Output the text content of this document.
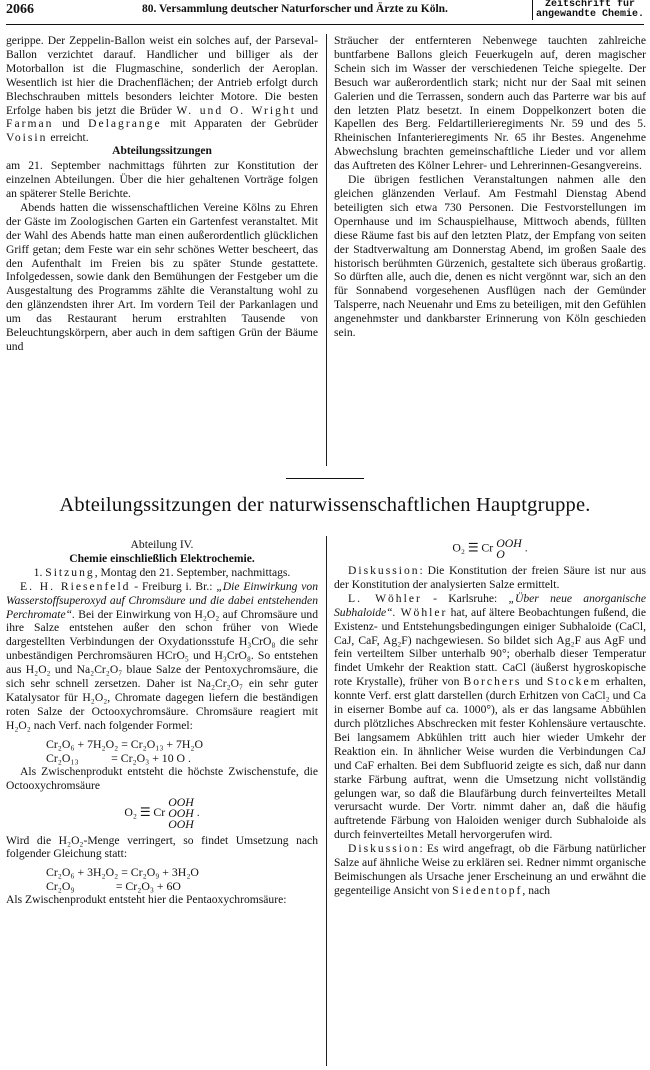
2066	80. Versammlung deutscher Naturforscher und Ärzte zu Köln.	Zeitschrift für
angewandte Chemie.

gerippe. Der Zeppelin-Ballon weist ein solches auf, der Parseval-Ballon verzichtet darauf. Handlicher und billiger als der Motorballon ist die Flugmaschine, sonderlich der Aeroplan. Wesentlich ist hier die Drachenflächen; der Antrieb erfolgt durch Blechschrauben mittels besonders leichter Motore. Die besten Erfolge haben bis jetzt die Brüder W. und O. Wright und Farman und Delagrange mit Apparaten der Gebrüder Voisin erreicht.

Abteilungssitzungen

am 21. September nachmittags führten zur Konstitution der einzelnen Abteilungen. Über die hier gehaltenen Vorträge folgen an späterer Stelle Berichte.

Abends hatten die wissenschaftlichen Vereine Kölns zu Ehren der Gäste im Zoologischen Garten ein Gartenfest veranstaltet. Mit der Wahl des Abends hatte man einen außerordentlich glücklichen Griff getan; dem Feste war ein sehr schönes Wetter bescheert, das den Aufenthalt im Freien bis zu später Stunde gestattete. Infolgedessen, sowie dank den Bemühungen der Festgeber um die Ausgestaltung des Programms zählte die Veranstaltung wohl zu den glänzendsten ihrer Art. Im vordern Teil der Parkanlagen und um das Restaurant herum erstrahlten Tausende von Beleuchtungskörpern, aber auch in dem saftigen Grün der Bäume und

Sträucher der entfernteren Nebenwege tauchten zahlreiche buntfarbene Ballons gleich Feuerkugeln auf, deren magischer Schein sich im Wasser der verschiedenen Teiche spiegelte. Der Besuch war außerordentlich stark; nicht nur der Saal mit seinen Galerien und die Terrassen, sondern auch das Parterre war bis auf den letzten Platz besetzt. In einem Doppelkonzert boten die Kapellen des Berg. Feldartillerieregiments Nr. 59 und des 5. Rheinischen Infanterieregiments Nr. 65 ihr Bestes. Angenehme Abwechslung brachten gemeinschaftliche Lieder und vor allem das Auftreten des Kölner Lehrer- und Lehrerinnen-Gesangvereins.

Die übrigen festlichen Veranstaltungen nahmen alle den gleichen glänzenden Verlauf. Am Festmahl Dienstag Abend beteiligten sich etwa 730 Personen. Die Festvorstellungen im Opernhause und im Schauspielhause, Mittwoch abends, füllten diese Räume fast bis auf den letzten Platz, der Empfang von seiten der Stadtverwaltung am Donnerstag Abend, im großen Saale des historisch berühmten Gürzenich, gestaltete sich überaus großartig. So dürften alle, auch die, denen es nicht vergönnt war, sich an den für Sonnabend vorgesehenen Ausflügen nach der Gemünder Talsperre, nach Neuenahr und Ems zu beteiligen, mit den Gefühlen angenehmster und dankbarster Erinnerung von Köln geschieden sein.

Abteilungssitzungen der naturwissenschaftlichen Hauptgruppe.

Abteilung IV.

Chemie einschließlich Elektrochemie.

1. Sitzung, Montag den 21. September, nachmittags.

E. H. Riesenfeld - Freiburg i. Br.: „Die Einwirkung von Wasserstoffsuperoxyd auf Chromsäure und die dabei entstehenden Perchromate“. Bei der Einwirkung von H₂O₂ auf Chromsäure und ihre Salze entstehen außer den schon früher von Wiede dargestellten Verbindungen der Oxydationsstufe H₃CrO₈ die sehr unbeständigen Perchromsäuren HCrO₅ und H₃CrO₈. So entstehen aus H₂O₂ und Na₂Cr₂O₇ blaue Salze der Pentoxychromsäure, die sich sehr schnell zersetzen. Daher ist Na₂Cr₂O₇ ein sehr guter Katalysator für H₂O₂, Chromate dagegen liefern die beständigen roten Salze der Octooxychromsäure. Chromsäure reagiert mit H₂O₂ nach Verf. nach folgender Formel:

Cr₂O₆ + 7H₂O₂ = Cr₂O₁₃ + 7H₂O

Cr₂O₁₃           = Cr₂O₃ + 10 O .

Als Zwischenprodukt entsteht die höchste Zwischenstufe, die Octooxychromsäure

O₂ ☰ Cr OOH
OOH
OOH .

Wird die H₂O₂-Menge verringert, so findet Umsetzung nach folgender Gleichung statt:

Cr₂O₆ + 3H₂O₂ = Cr₂O₉ + 3H₂O

Cr₂O₉              = Cr₂O₃ + 6O

Als Zwischenprodukt entsteht hier die Pentaoxychromsäure:

O₂ ☰ Cr OOH
O .

Diskussion: Die Konstitution der freien Säure ist nur aus der Konstitution der analysierten Salze ermittelt.

L. Wöhler - Karlsruhe: „Über neue anorganische Subhaloide“. Wöhler hat, auf ältere Beobachtungen fußend, die Existenz- und Entstehungsbedingungen einiger Subhaloide (CaCl, CaJ, CaF, Ag₂F) nachgewiesen. So bildet sich Ag₂F aus AgF und fein verteiltem Silber unterhalb 90°; oberhalb dieser Temperatur findet Umkehr der Reaktion statt. CaCl (äußerst hygroskopische rote Krystalle), früher von Borchers und Stockem erhalten, konnte Verf. erst glatt darstellen (durch Erhitzen von CaCl₂ und Ca in eiserner Bombe auf ca. 1000°), als er das langsame Abbühlen durch plötzliches Abschrecken mit fester Kohlensäure vertauschte. Bei langsamem Abkühlen tritt auch hier wieder Umkehr der Reaktion ein. In ähnlicher Weise wurden die Verbindungen CaJ und CaF erhalten. Bei dem Subfluorid zeigte es sich, daß nur dann starke Färbung auftrat, wenn die Umsetzung nicht vollständig gelungen war, so daß die Blaufärbung durch feinverteiltes Metall verursacht wurde. Der Vortr. nimmt daher an, daß die häufig auftretende Färbung von Haloiden weniger durch Subhaloide als durch feinverteiltes Metall hervorgerufen wird.

Diskussion: Es wird angefragt, ob die Färbung natürlicher Salze auf ähnliche Weise zu erklären sei. Redner nimmt organische Beimischungen als Ursache jener Erscheinung an und erwähnt die gegenteilige Ansicht von Siedentopf, nach
